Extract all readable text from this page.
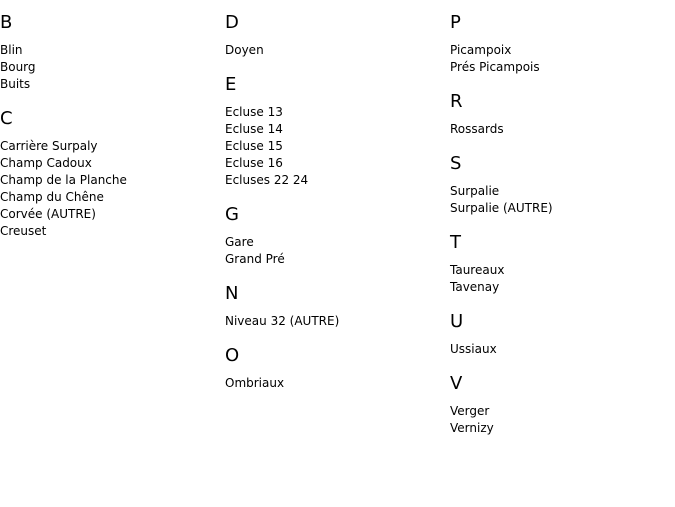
B
Blin
Bourg
Buits
C
Carrière Surpaly
Champ Cadoux
Champ de la Planche
Champ du Chêne
Corvée (AUTRE)
Creuset
D
Doyen
E
Ecluse 13
Ecluse 14
Ecluse 15
Ecluse 16
Ecluses 22 24
G
Gare
Grand Pré
N
Niveau 32 (AUTRE)
O
Ombriaux
P
Picampoix
Prés Picampois
R
Rossards
S
Surpalie
Surpalie (AUTRE)
T
Taureaux
Tavenay
U
Ussiaux
V
Verger
Vernizy
